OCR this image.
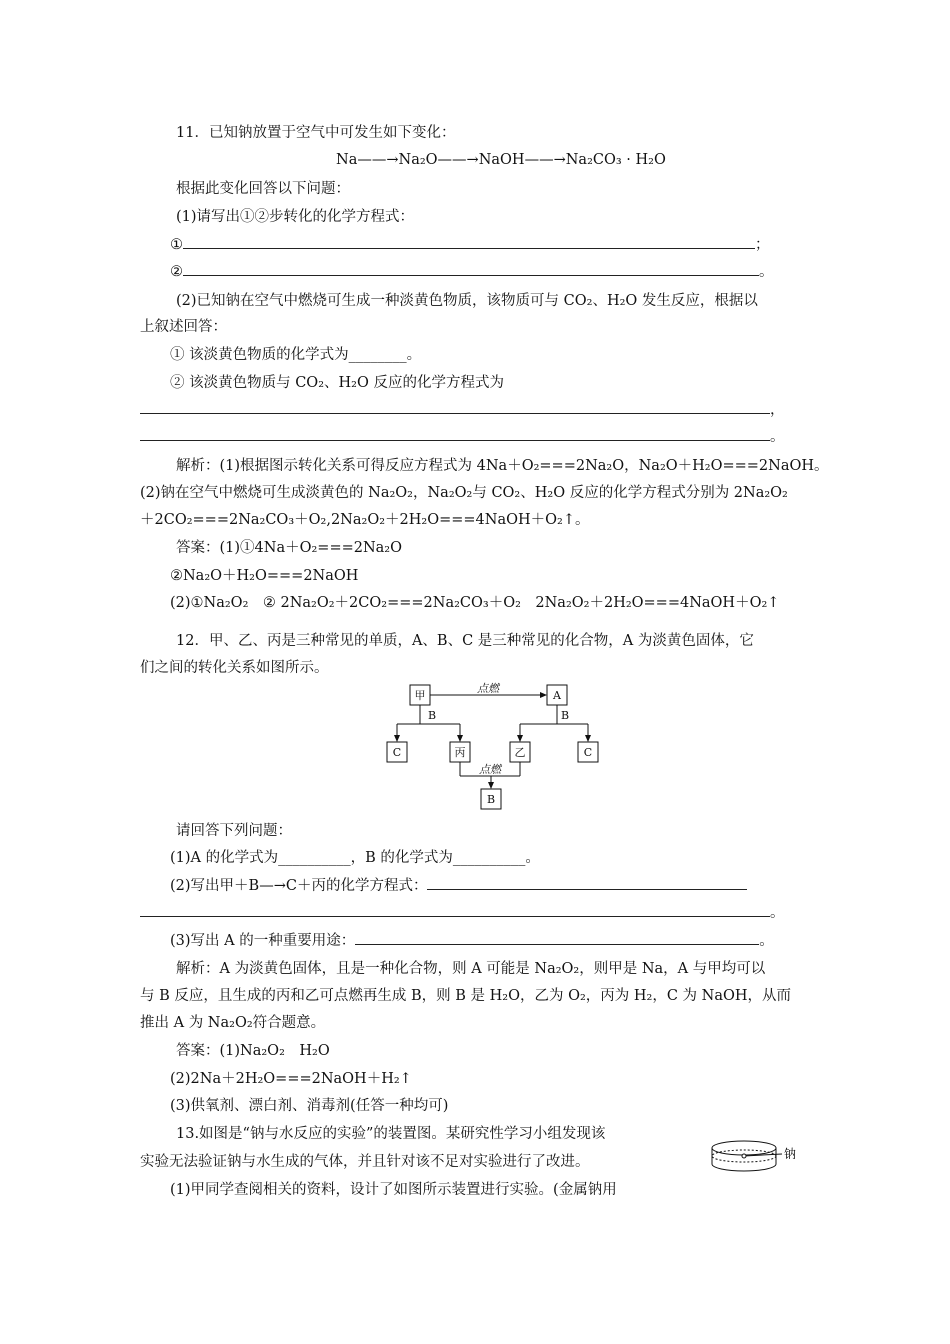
11．已知钠放置于空气中可发生如下变化：
Na——→Na₂O——→NaOH——→Na₂CO₃ · H₂O
根据此变化回答以下问题：
(1)请写出①②步转化的化学方程式：
①	；
②	。
(2)已知钠在空气中燃烧可生成一种淡黄色物质，该物质可与 CO₂、H₂O 发生反应，根据以
上叙述回答：
① 该淡黄色物质的化学式为________。
② 该淡黄色物质与 CO₂、H₂O 反应的化学方程式为
，
。
解析：(1)根据图示转化关系可得反应方程式为 4Na＋O₂===2Na₂O，Na₂O＋H₂O===2NaOH。
(2)钠在空气中燃烧可生成淡黄色的 Na₂O₂，Na₂O₂与 CO₂、H₂O 反应的化学方程式分别为 2Na₂O₂
＋2CO₂===2Na₂CO₃＋O₂,2Na₂O₂＋2H₂O===4NaOH＋O₂↑。
答案：(1)①4Na＋O₂===2Na₂O
②Na₂O＋H₂O===2NaOH
(2)①Na₂O₂　② 2Na₂O₂＋2CO₂===2Na₂CO₃＋O₂　2Na₂O₂＋2H₂O===4NaOH＋O₂↑
12．甲、乙、丙是三种常见的单质，A、B、C 是三种常见的化合物，A 为淡黄色固体，它
们之间的转化关系如图所示。
甲	A
C	丙	乙	C
B
点燃
点燃
B	B
请回答下列问题：
(1)A 的化学式为__________，B 的化学式为__________。
(2)写出甲＋B—→C＋丙的化学方程式：
。
(3)写出 A 的一种重要用途：	。
解析：A 为淡黄色固体，且是一种化合物，则 A 可能是 Na₂O₂，则甲是 Na，A 与甲均可以
与 B 反应，且生成的丙和乙可点燃再生成 B，则 B 是 H₂O，乙为 O₂，丙为 H₂，C 为 NaOH，从而
推出 A 为 Na₂O₂符合题意。
答案：(1)Na₂O₂　H₂O
(2)2Na＋2H₂O===2NaOH＋H₂↑
(3)供氧剂、漂白剂、消毒剂(任答一种均可)
13.如图是“钠与水反应的实验”的装置图。某研究性学习小组发现该
实验无法验证钠与水生成的气体，并且针对该不足对实验进行了改进。
(1)甲同学查阅相关的资料，设计了如图所示装置进行实验。(金属钠用
钠
